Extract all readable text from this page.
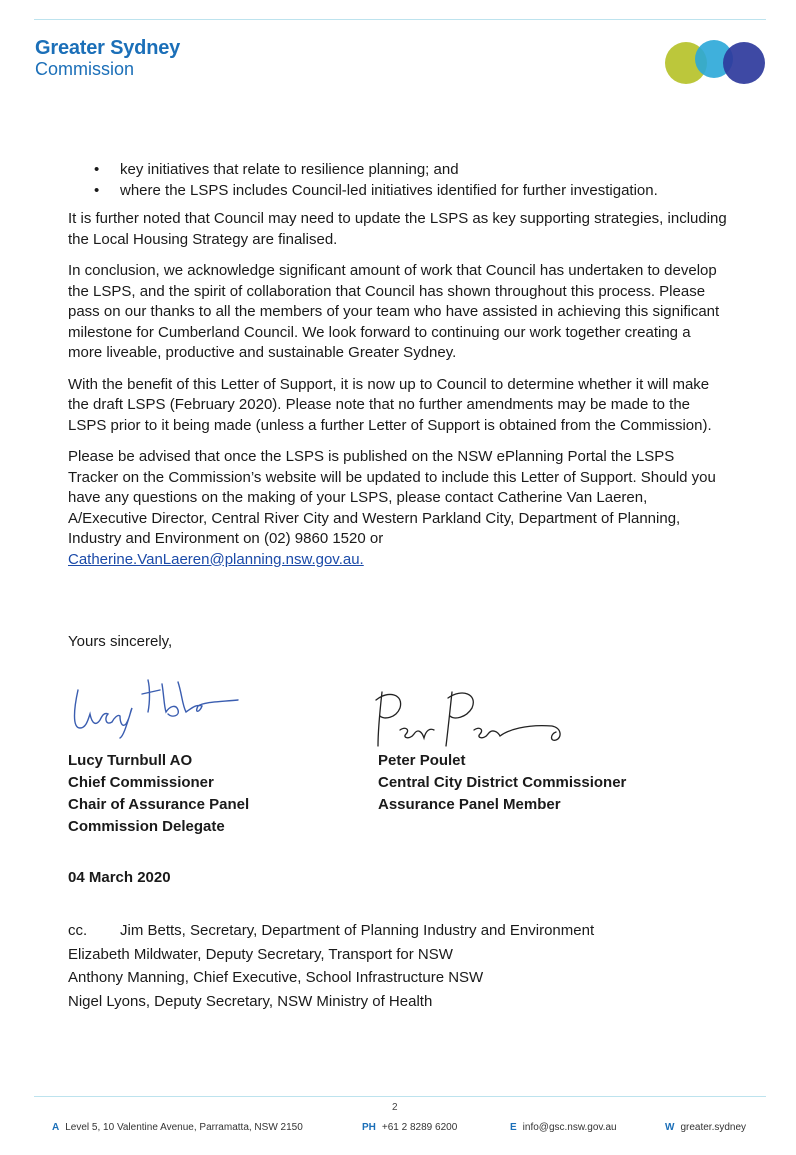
Greater Sydney
Commission
• key initiatives that relate to resilience planning; and
• where the LSPS includes Council-led initiatives identified for further investigation.

It is further noted that Council may need to update the LSPS as key supporting strategies, including the Local Housing Strategy are finalised.

In conclusion, we acknowledge significant amount of work that Council has undertaken to develop the LSPS, and the spirit of collaboration that Council has shown throughout this process. Please pass on our thanks to all the members of your team who have assisted in achieving this significant milestone for Cumberland Council. We look forward to continuing our work together creating a more liveable, productive and sustainable Greater Sydney.

With the benefit of this Letter of Support, it is now up to Council to determine whether it will make the draft LSPS (February 2020). Please note that no further amendments may be made to the LSPS prior to it being made (unless a further Letter of Support is obtained from the Commission).

Please be advised that once the LSPS is published on the NSW ePlanning Portal the LSPS Tracker on the Commission’s website will be updated to include this Letter of Support. Should you have any questions on the making of your LSPS, please contact Catherine Van Laeren, A/Executive Director, Central River City and Western Parkland City, Department of Planning, Industry and Environment on (02) 9860 1520 or
Catherine.VanLaeren@planning.nsw.gov.au.

Yours sincerely,
Lucy Turnbull AO
Chief Commissioner
Chair of Assurance Panel
Commission Delegate
Peter Poulet
Central City District Commissioner
Assurance Panel Member
04 March 2020
cc. Jim Betts, Secretary, Department of Planning Industry and Environment
Elizabeth Mildwater, Deputy Secretary, Transport for NSW
Anthony Manning, Chief Executive, School Infrastructure NSW
Nigel Lyons, Deputy Secretary, NSW Ministry of Health
2
A Level 5, 10 Valentine Avenue, Parramatta, NSW 2150	PH +61 2 8289 6200	E info@gsc.nsw.gov.au	W greater.sydney
